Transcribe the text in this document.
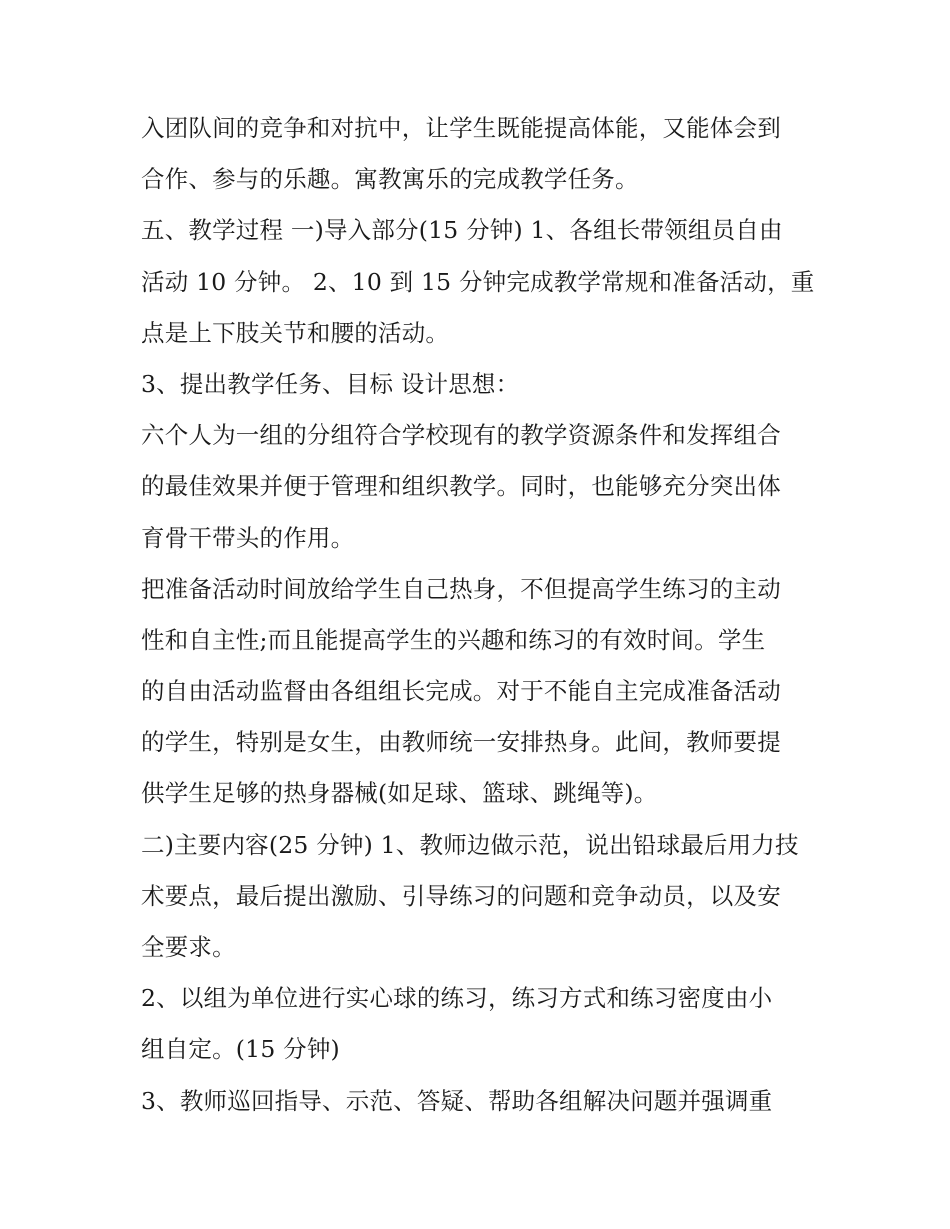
入团队间的竞争和对抗中，让学生既能提高体能，又能体会到
合作、参与的乐趣。寓教寓乐的完成教学任务。
五、教学过程 一)导入部分(15 分钟) 1、各组长带领组员自由
活动 10 分钟。 2、10 到 15 分钟完成教学常规和准备活动，重
点是上下肢关节和腰的活动。
3、提出教学任务、目标 设计思想：
六个人为一组的分组符合学校现有的教学资源条件和发挥组合
的最佳效果并便于管理和组织教学。同时，也能够充分突出体
育骨干带头的作用。
把准备活动时间放给学生自己热身，不但提高学生练习的主动
性和自主性;而且能提高学生的兴趣和练习的有效时间。学生
的自由活动监督由各组组长完成。对于不能自主完成准备活动
的学生，特别是女生，由教师统一安排热身。此间，教师要提
供学生足够的热身器械(如足球、篮球、跳绳等)。
二)主要内容(25 分钟) 1、教师边做示范，说出铅球最后用力技
术要点，最后提出激励、引导练习的问题和竞争动员，以及安
全要求。
2、以组为单位进行实心球的练习，练习方式和练习密度由小
组自定。(15 分钟)
3、教师巡回指导、示范、答疑、帮助各组解决问题并强调重
